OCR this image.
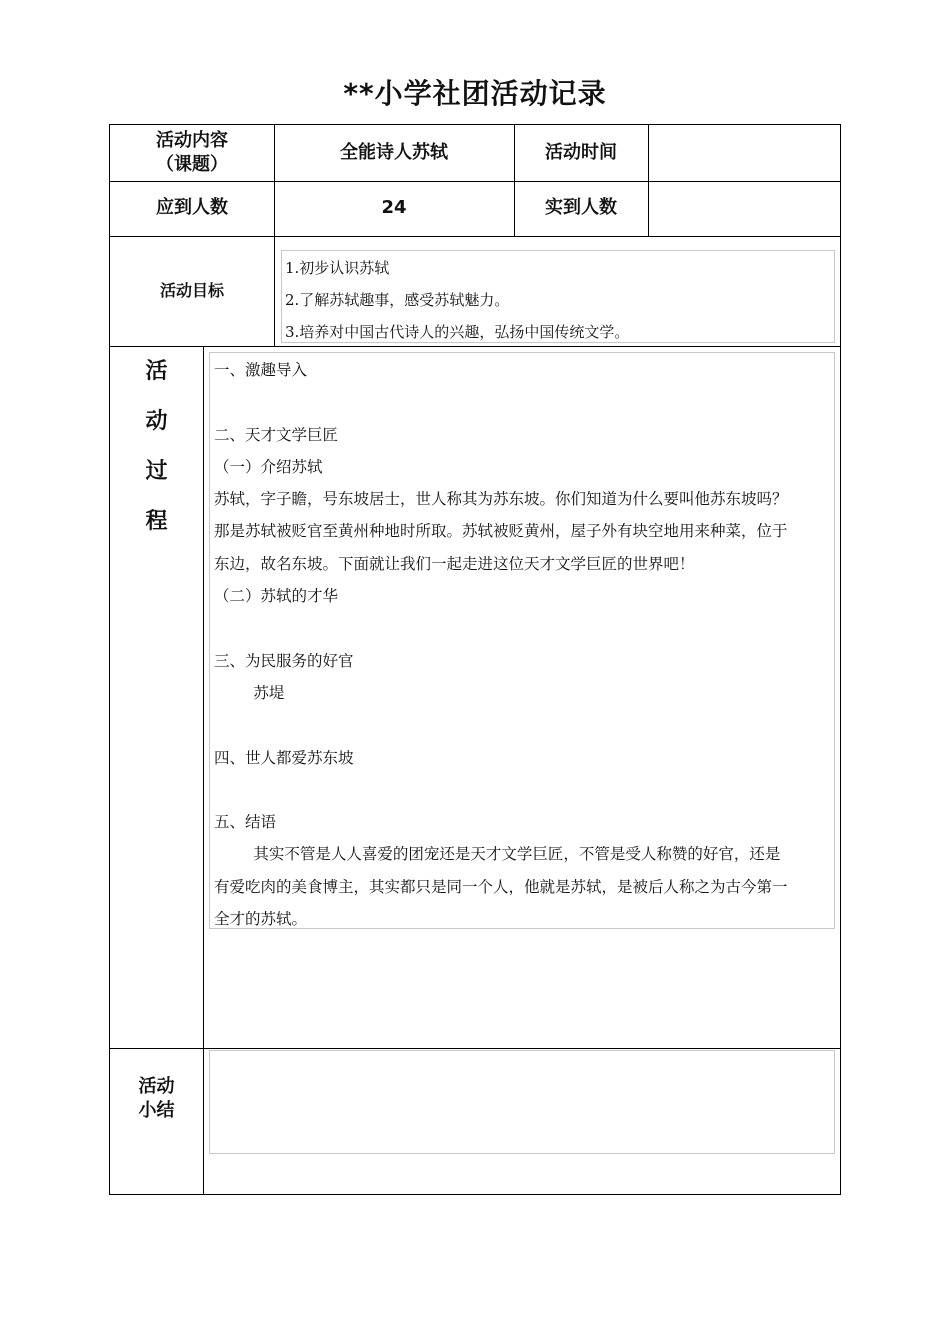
**小学社团活动记录
活动内容
（课题）
全能诗人苏轼	活动时间
应到人数	24	实到人数
活动目标
1.初步认识苏轼
2.了解苏轼趣事，感受苏轼魅力。
3.培养对中国古代诗人的兴趣，弘扬中国传统文学。
活
动
过
程
一、激趣导入
二、天才文学巨匠
（一）介绍苏轼
苏轼，字子瞻，号东坡居士，世人称其为苏东坡。你们知道为什么要叫他苏东坡吗？
那是苏轼被贬官至黄州种地时所取。苏轼被贬黄州，屋子外有块空地用来种菜，位于
东边，故名东坡。下面就让我们一起走进这位天才文学巨匠的世界吧！
（二）苏轼的才华
三、为民服务的好官
苏堤
四、世人都爱苏东坡
五、结语
其实不管是人人喜爱的团宠还是天才文学巨匠，不管是受人称赞的好官，还是
有爱吃肉的美食博主，其实都只是同一个人，他就是苏轼，是被后人称之为古今第一
全才的苏轼。
活动
小结
